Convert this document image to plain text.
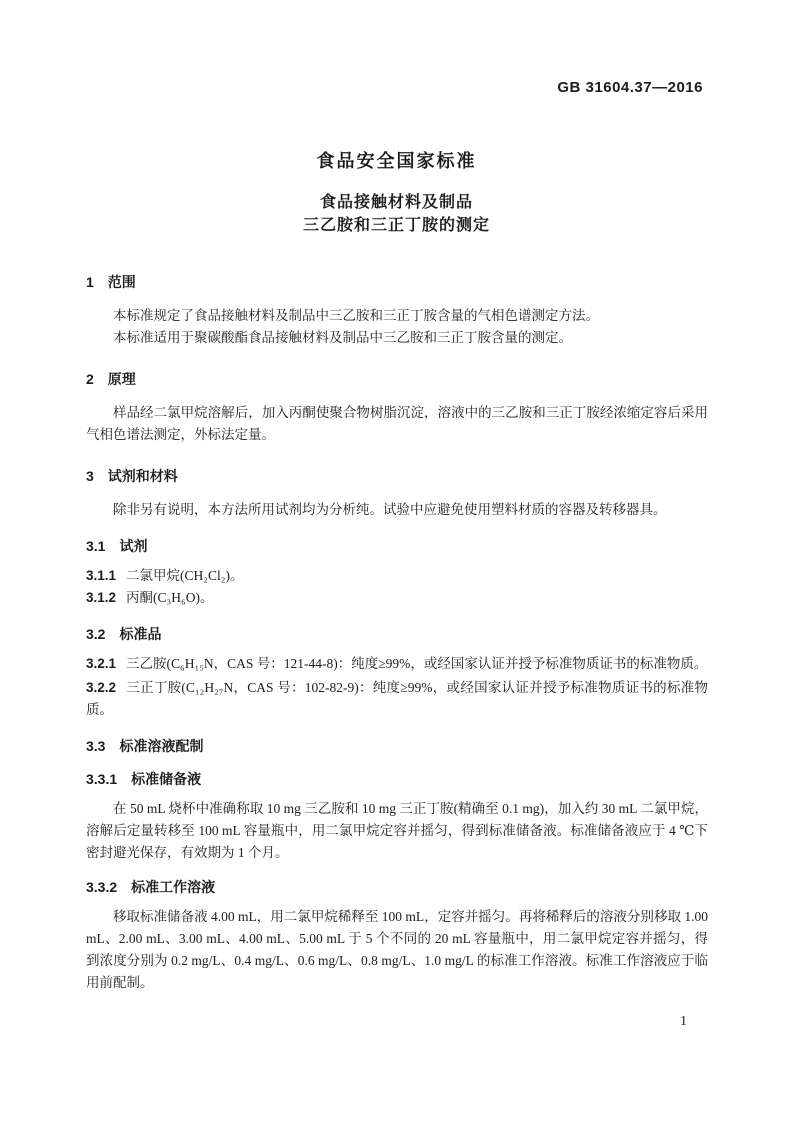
GB 31604.37—2016
食品安全国家标准
食品接触材料及制品
三乙胺和三正丁胺的测定
1 范围

本标准规定了食品接触材料及制品中三乙胺和三正丁胺含量的气相色谱测定方法。

本标准适用于聚碳酸酯食品接触材料及制品中三乙胺和三正丁胺含量的测定。

2 原理

样品经二氯甲烷溶解后，加入丙酮使聚合物树脂沉淀，溶液中的三乙胺和三正丁胺经浓缩定容后采用气相色谱法测定，外标法定量。

3 试剂和材料

除非另有说明，本方法所用试剂均为分析纯。试验中应避免使用塑料材质的容器及转移器具。

3.1 试剂

3.1.1 二氯甲烷(CH₂Cl₂)。

3.1.2 丙酮(C₃H₆O)。

3.2 标准品

3.2.1 三乙胺(C₆H₁₅N，CAS 号：121-44-8)：纯度≥99%，或经国家认证并授予标准物质证书的标准物质。

3.2.2 三正丁胺(C₁₂H₂₇N，CAS 号：102-82-9)：纯度≥99%，或经国家认证并授予标准物质证书的标准物质。

3.3 标准溶液配制
3.3.1 标准储备液

在 50 mL 烧杯中准确称取 10 mg 三乙胺和 10 mg 三正丁胺(精确至 0.1 mg)，加入约 30 mL 二氯甲烷，溶解后定量转移至 100 mL 容量瓶中，用二氯甲烷定容并摇匀，得到标准储备液。标准储备液应于 4 ℃下密封避光保存，有效期为 1 个月。

3.3.2 标准工作溶液

移取标准储备液 4.00 mL，用二氯甲烷稀释至 100 mL，定容并摇匀。再将稀释后的溶液分别移取 1.00 mL、2.00 mL、3.00 mL、4.00 mL、5.00 mL 于 5 个不同的 20 mL 容量瓶中，用二氯甲烷定容并摇匀，得到浓度分别为 0.2 mg/L、0.4 mg/L、0.6 mg/L、0.8 mg/L、1.0 mg/L 的标准工作溶液。标准工作溶液应于临用前配制。

1
